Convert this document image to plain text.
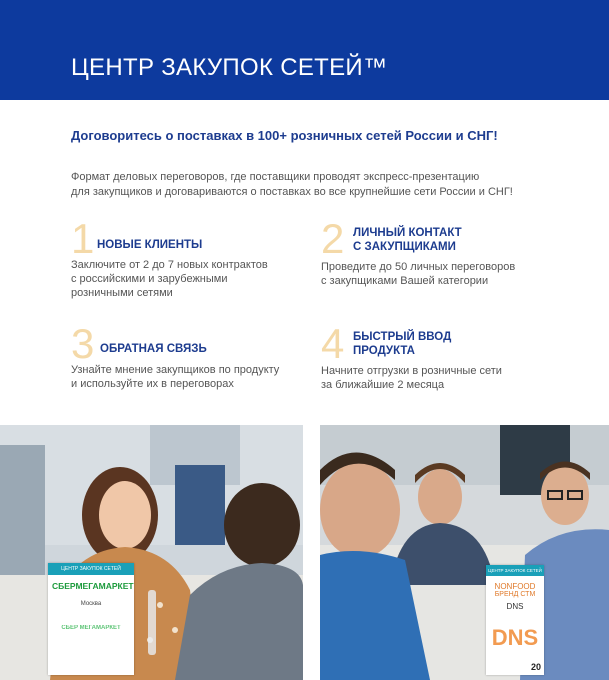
ЦЕНТР ЗАКУПОК СЕТЕЙ™
Договоритесь о поставках в 100+ розничных сетей России и СНГ!
Формат деловых переговоров, где поставщики проводят экспресс-презентацию
для закупщиков и договариваются о поставках во все крупнейшие сети России и СНГ!
1 НОВЫЕ КЛИЕНТЫ
Заключите от 2 до 7 новых контрактов
с российскими и зарубежными
розничными сетями
2 ЛИЧНЫЙ КОНТАКТ
С ЗАКУПЩИКАМИ
Проведите до 50 личных переговоров
с закупщиками Вашей категории
3 ОБРАТНАЯ СВЯЗЬ
Узнайте мнение закупщиков по продукту
и используйте их в переговорах
4 БЫСТРЫЙ ВВОД
ПРОДУКТА
Начните отгрузки в розничные сети
за ближайшие 2 месяца
ЦЕНТР ЗАКУПОК СЕТЕЙ
СБЕРМЕГАМАРКЕТ
Москва
СБЕР МЕГАМАРКЕТ
ЦЕНТР ЗАКУПОК СЕТЕЙ
NONFOOD
БРЕНД СТМ
DNS
DNS
20
